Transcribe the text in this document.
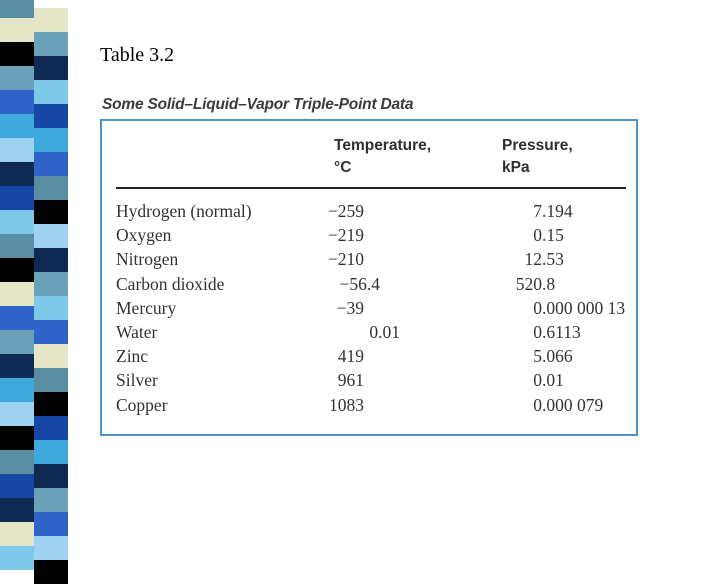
Table 3.2
Some Solid–Liquid–Vapor Triple-Point Data
Temperature,
°C
Pressure,
kPa
Hydrogen (normal)	−259	7.194
Oxygen	−219	0.15
Nitrogen	−210	12.53
Carbon dioxide	−56.4	520.8
Mercury	−39	0.000 000 13
Water	0.01	0.6113
Zinc	419	5.066
Silver	961	0.01
Copper	1083	0.000 079
